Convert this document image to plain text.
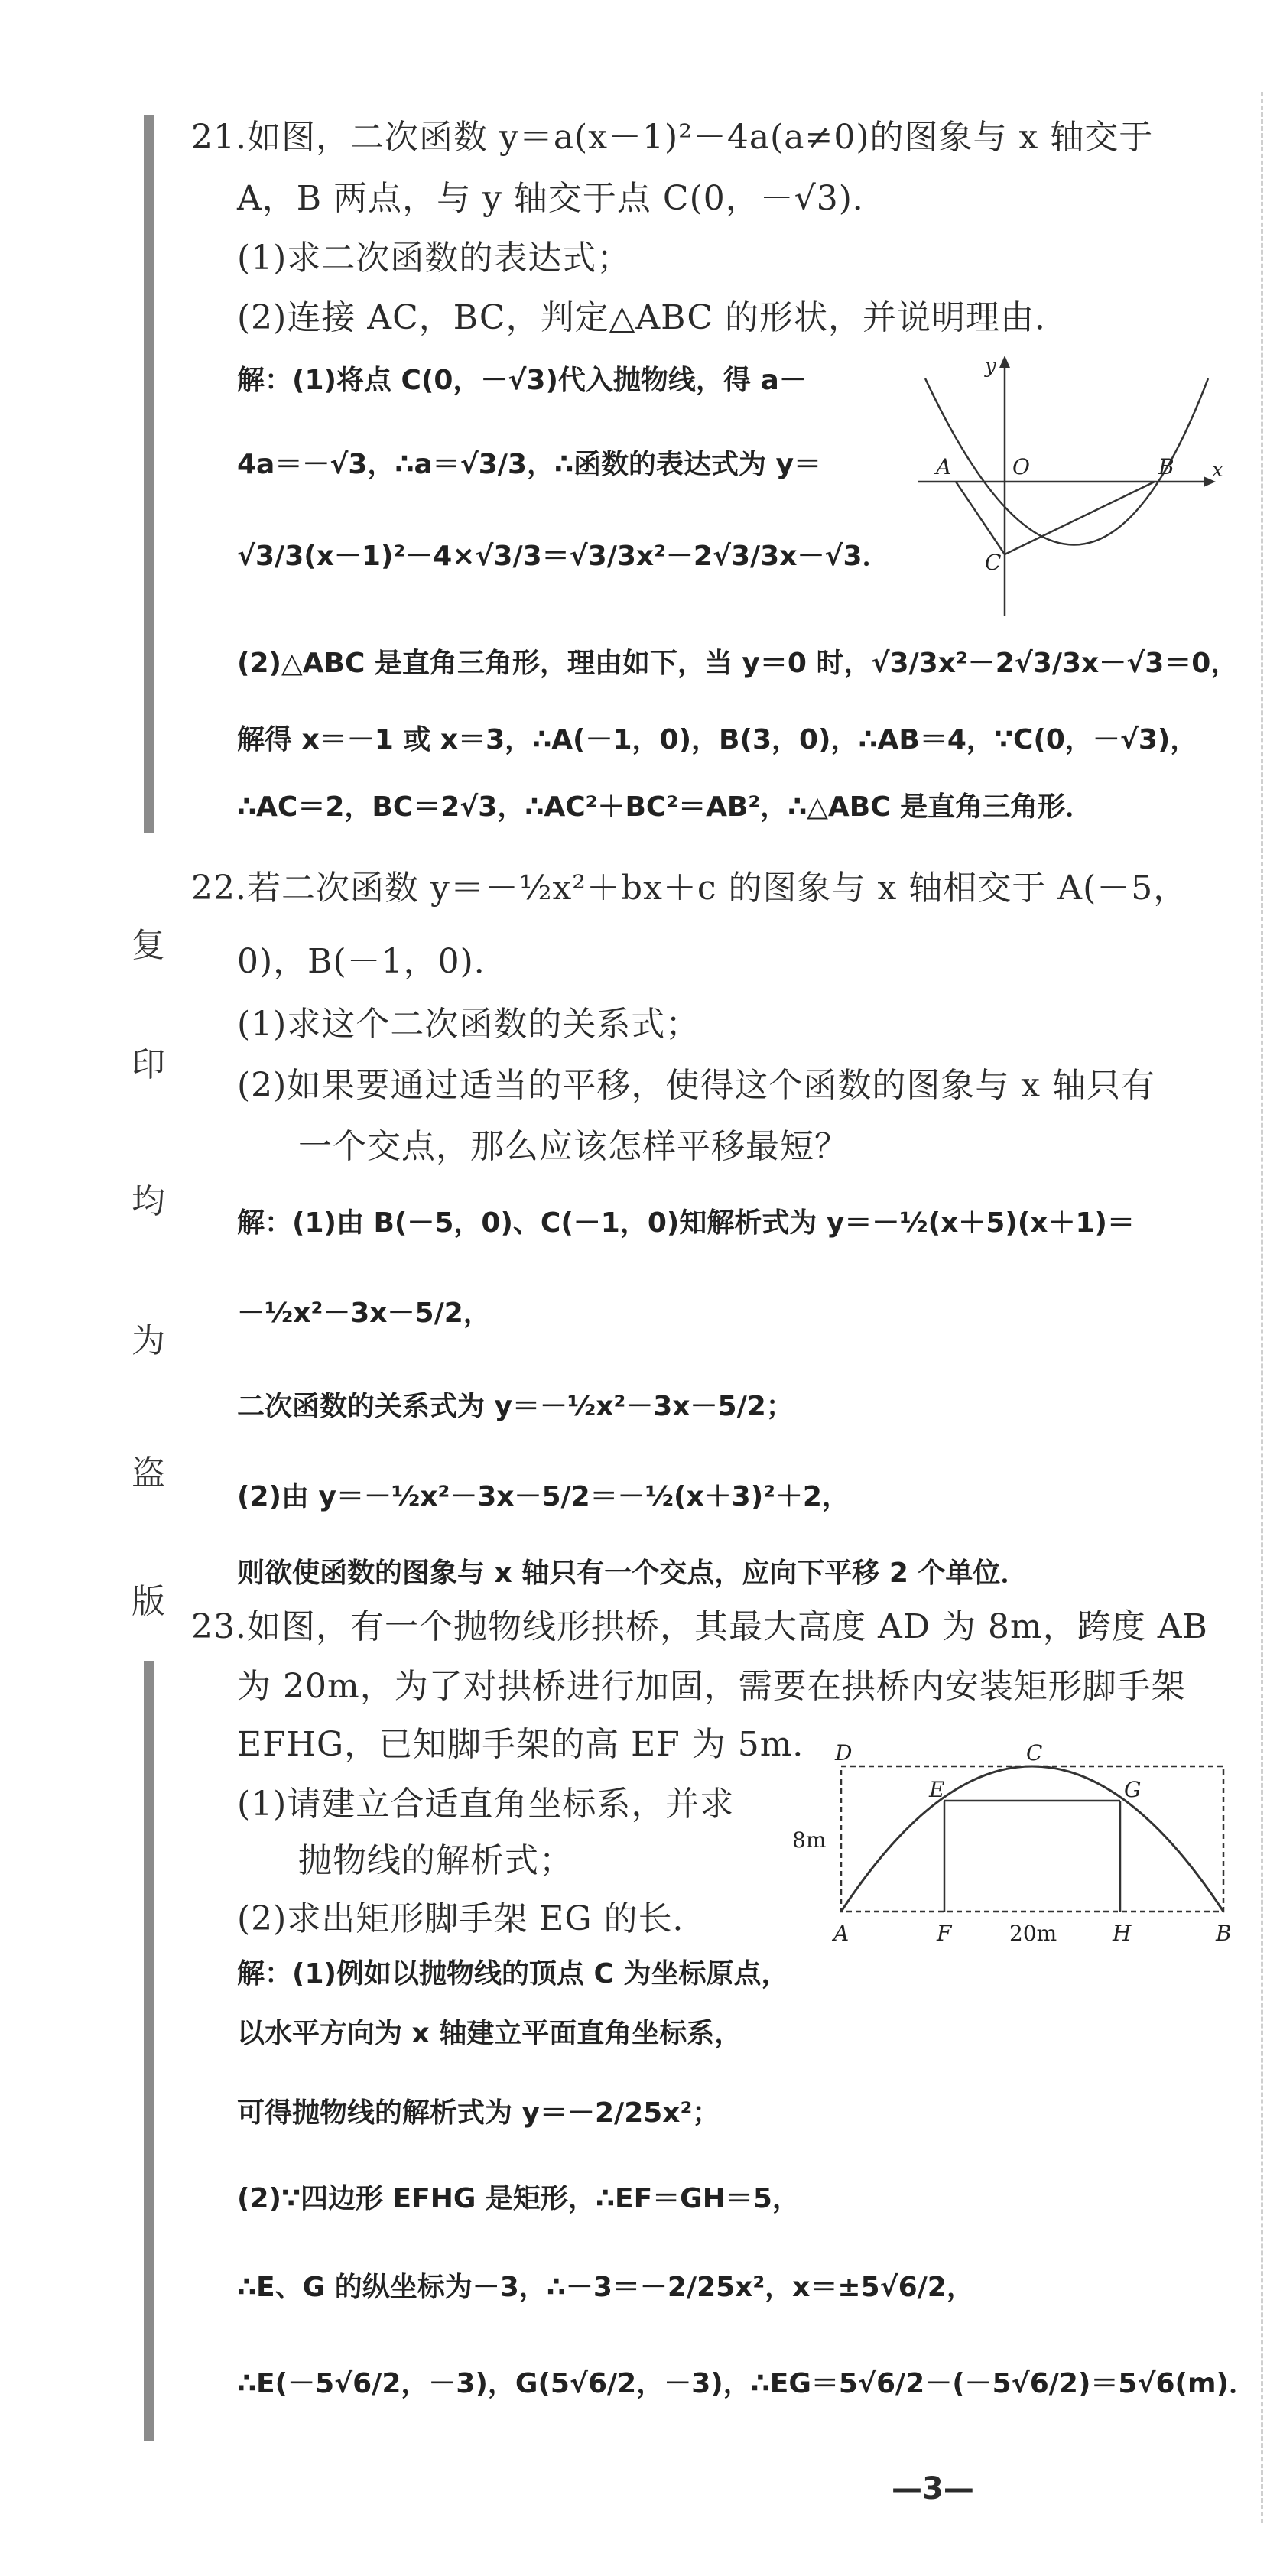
复
印
均
为
盗
版
21.如图，二次函数 y＝a(x－1)²－4a(a≠0)的图象与 x 轴交于
A，B 两点，与 y 轴交于点 C(0，－√3)．
(1)求二次函数的表达式；
(2)连接 AC，BC，判定△ABC 的形状，并说明理由．
解：(1)将点 C(0，－√3)代入抛物线，得 a－
4a＝－√3，∴a＝√3/3，∴函数的表达式为 y＝
√3/3(x－1)²－4×√3/3＝√3/3x²－2√3/3x－√3．
(2)△ABC 是直角三角形，理由如下，当 y＝0 时，√3/3x²－2√3/3x－√3＝0，
解得 x＝－1 或 x＝3，∴A(－1，0)，B(3，0)，∴AB＝4，∵C(0，－√3)，
∴AC＝2，BC＝2√3，∴AC²＋BC²＝AB²，∴△ABC 是直角三角形．
y
x
A	O	B
C
22.若二次函数 y＝－½x²＋bx＋c 的图象与 x 轴相交于 A(－5，
0)，B(－1，0)．
(1)求这个二次函数的关系式；
(2)如果要通过适当的平移，使得这个函数的图象与 x 轴只有
一个交点，那么应该怎样平移最短？
解：(1)由 B(－5，0)、C(－1，0)知解析式为 y＝－½(x＋5)(x＋1)＝
－½x²－3x－5/2，
二次函数的关系式为 y＝－½x²－3x－5/2；
(2)由 y＝－½x²－3x－5/2＝－½(x＋3)²＋2，
则欲使函数的图象与 x 轴只有一个交点，应向下平移 2 个单位．
23.如图，有一个抛物线形拱桥，其最大高度 AD 为 8m，跨度 AB
为 20m，为了对拱桥进行加固，需要在拱桥内安装矩形脚手架
EFHG，已知脚手架的高 EF 为 5m．
(1)请建立合适直角坐标系，并求
抛物线的解析式；
(2)求出矩形脚手架 EG 的长．
D	C
E	G
8m
A	F	20m	H	B
解：(1)例如以抛物线的顶点 C 为坐标原点，
以水平方向为 x 轴建立平面直角坐标系，
可得抛物线的解析式为 y＝－2/25x²；
(2)∵四边形 EFHG 是矩形，∴EF＝GH＝5，
∴E、G 的纵坐标为－3，∴－3＝－2/25x²，x＝±5√6/2，
∴E(－5√6/2，－3)，G(5√6/2，－3)，∴EG＝5√6/2－(－5√6/2)＝5√6(m)．
—3—
